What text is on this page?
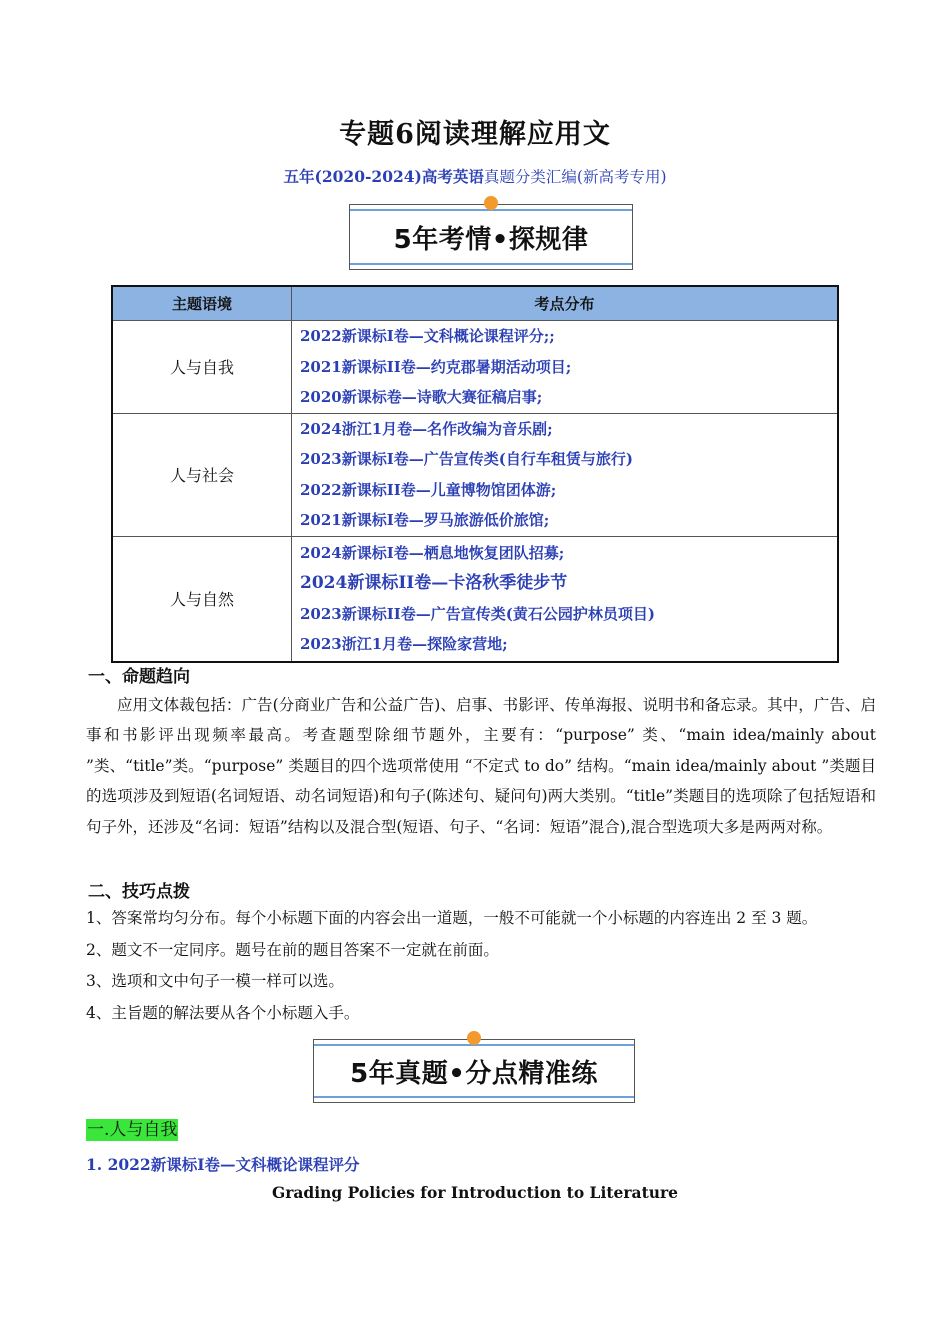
专题6阅读理解应用文
五年(2020-2024)高考英语真题分类汇编(新高考专用)
5年考情•探规律
主题语境	考点分布
人与自我	2022新课标I卷—文科概论课程评分;;
2021新课标II卷—约克郡暑期活动项目;
2020新课标卷—诗歌大赛征稿启事;

人与社会	2024浙江1月卷—名作改编为音乐剧;
2023新课标I卷—广告宣传类(自行车租赁与旅行)
2022新课标II卷—儿童博物馆团体游;
2021新课标I卷—罗马旅游低价旅馆;

人与自然	2024新课标I卷—栖息地恢复团队招募;
2024新课标II卷—卡洛秋季徒步节
2023新课标II卷—广告宣传类(黄石公园护林员项目)
2023浙江1月卷—探险家营地;
一、命题趋向

应用文体裁包括：广告(分商业广告和公益广告)、启事、书影评、传单海报、说明书和备忘录。其中，广告、启事和书影评出现频率最高。考查题型除细节题外，主要有：“purpose” 类、“main idea/mainly about ”类、“title”类。“purpose” 类题目的四个选项常使用 “不定式 to do” 结构。“main idea/mainly about ”类题目的选项涉及到短语(名词短语、动名词短语)和句子(陈述句、疑问句)两大类别。“title”类题目的选项除了包括短语和句子外，还涉及“名词：短语”结构以及混合型(短语、句子、“名词：短语”混合),混合型选项大多是两两对称。

二、技巧点拨
1、答案常均匀分布。每个小标题下面的内容会出一道题，一般不可能就一个小标题的内容连出 2 至 3 题。
2、题文不一定同序。题号在前的题目答案不一定就在前面。
3、选项和文中句子一模一样可以选。
4、主旨题的解法要从各个小标题入手。
5年真题•分点精准练
一.人与自我
1. 2022新课标I卷—文科概论课程评分
Grading Policies for Introduction to Literature
